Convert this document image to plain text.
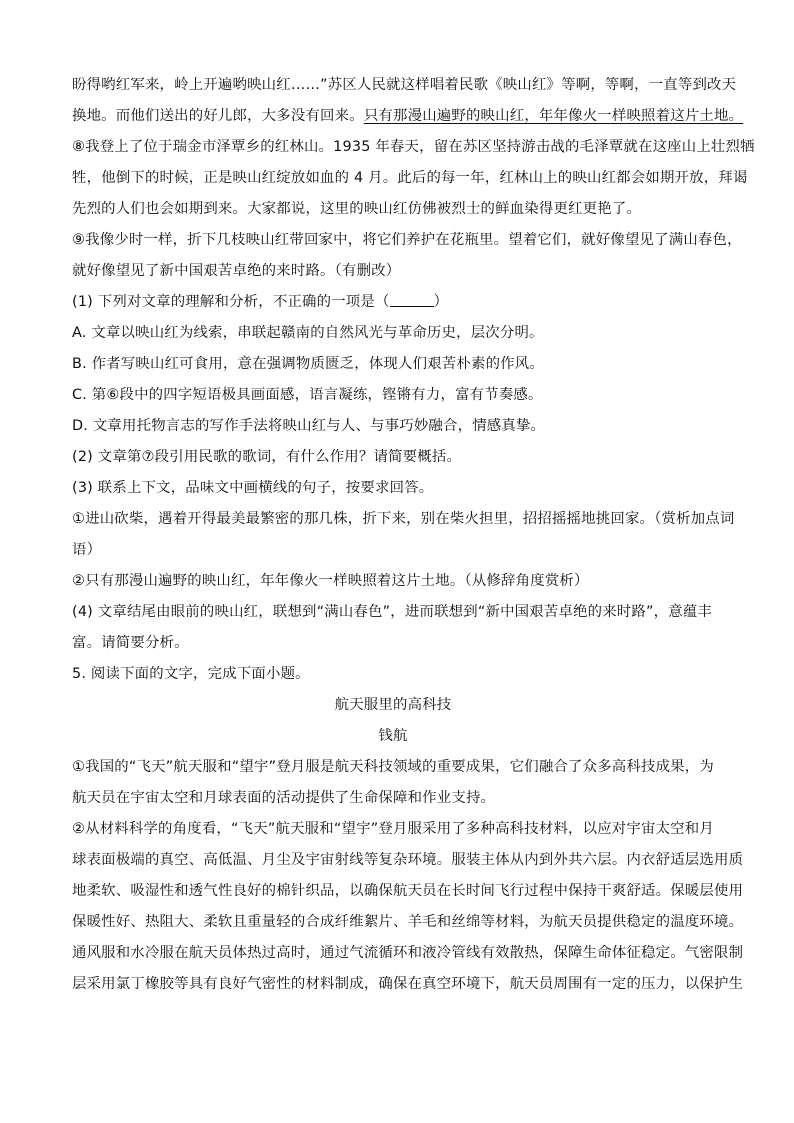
盼得哟红军来，岭上开遍哟映山红……”苏区人民就这样唱着民歌《映山红》等啊，等啊，一直等到改天
换地。而他们送出的好儿郎，大多没有回来。只有那漫山遍野的映山红，年年像火一样映照着这片土地。
⑧我登上了位于瑞金市泽覃乡的红林山。1935 年春天，留在苏区坚持游击战的毛泽覃就在这座山上壮烈牺
牲，他倒下的时候，正是映山红绽放如血的 4 月。此后的每一年，红林山上的映山红都会如期开放，拜谒
先烈的人们也会如期到来。大家都说，这里的映山红仿佛被烈士的鲜血染得更红更艳了。
⑨我像少时一样，折下几枝映山红带回家中，将它们养护在花瓶里。望着它们，就好像望见了满山春色，
就好像望见了新中国艰苦卓绝的来时路。（有删改）
(1) 下列对文章的理解和分析，不正确的一项是（	）
A. 文章以映山红为线索，串联起赣南的自然风光与革命历史，层次分明。
B. 作者写映山红可食用，意在强调物质匮乏，体现人们艰苦朴素的作风。
C. 第⑥段中的四字短语极具画面感，语言凝练，铿锵有力，富有节奏感。
D. 文章用托物言志的写作手法将映山红与人、与事巧妙融合，情感真挚。
(2) 文章第⑦段引用民歌的歌词，有什么作用？请简要概括。
(3) 联系上下文，品味文中画横线的句子，按要求回答。
①进山砍柴，遇着开得最美最繁密的那几株，折下来，别在柴火担里，招招摇摇地挑回家。（赏析加点词
语）
②只有那漫山遍野的映山红，年年像火一样映照着这片土地。（从修辞角度赏析）
(4) 文章结尾由眼前的映山红，联想到“满山春色”，进而联想到“新中国艰苦卓绝的来时路”，意蕴丰
富。请简要分析。
5. 阅读下面的文字，完成下面小题。
航天服里的高科技
钱航
①我国的“飞天”航天服和“望宇”登月服是航天科技领域的重要成果，它们融合了众多高科技成果，为
航天员在宇宙太空和月球表面的活动提供了生命保障和作业支持。
②从材料科学的角度看，“飞天”航天服和“望宇”登月服采用了多种高科技材料，以应对宇宙太空和月
球表面极端的真空、高低温、月尘及宇宙射线等复杂环境。服装主体从内到外共六层。内衣舒适层选用质
地柔软、吸湿性和透气性良好的棉针织品，以确保航天员在长时间飞行过程中保持干爽舒适。保暖层使用
保暖性好、热阻大、柔软且重量轻的合成纤维絮片、羊毛和丝绵等材料，为航天员提供稳定的温度环境。
通风服和水冷服在航天员体热过高时，通过气流循环和液冷管线有效散热，保障生命体征稳定。气密限制
层采用氯丁橡胶等具有良好气密性的材料制成，确保在真空环境下，航天员周围有一定的压力，以保护生
